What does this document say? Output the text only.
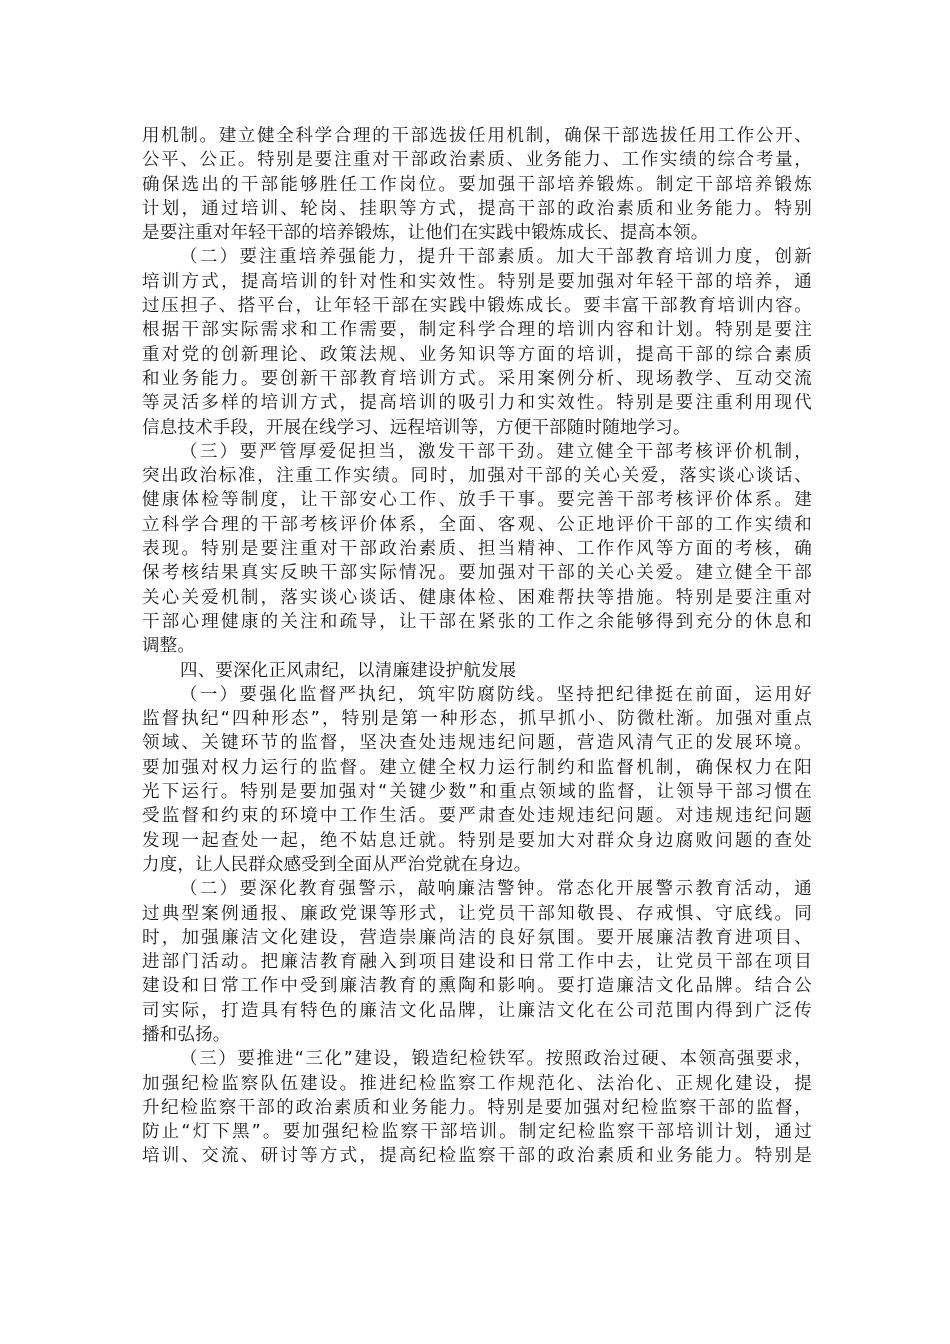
用机制。建立健全科学合理的干部选拔任用机制，确保干部选拔任用工作公开、
公平、公正。特别是要注重对干部政治素质、业务能力、工作实绩的综合考量，
确保选出的干部能够胜任工作岗位。要加强干部培养锻炼。制定干部培养锻炼
计划，通过培训、轮岗、挂职等方式，提高干部的政治素质和业务能力。特别
是要注重对年轻干部的培养锻炼，让他们在实践中锻炼成长、提高本领。
（二）要注重培养强能力，提升干部素质。加大干部教育培训力度，创新
培训方式，提高培训的针对性和实效性。特别是要加强对年轻干部的培养，通
过压担子、搭平台，让年轻干部在实践中锻炼成长。要丰富干部教育培训内容。
根据干部实际需求和工作需要，制定科学合理的培训内容和计划。特别是要注
重对党的创新理论、政策法规、业务知识等方面的培训，提高干部的综合素质
和业务能力。要创新干部教育培训方式。采用案例分析、现场教学、互动交流
等灵活多样的培训方式，提高培训的吸引力和实效性。特别是要注重利用现代
信息技术手段，开展在线学习、远程培训等，方便干部随时随地学习。
（三）要严管厚爱促担当，激发干部干劲。建立健全干部考核评价机制，
突出政治标准，注重工作实绩。同时，加强对干部的关心关爱，落实谈心谈话、
健康体检等制度，让干部安心工作、放手干事。要完善干部考核评价体系。建
立科学合理的干部考核评价体系，全面、客观、公正地评价干部的工作实绩和
表现。特别是要注重对干部政治素质、担当精神、工作作风等方面的考核，确
保考核结果真实反映干部实际情况。要加强对干部的关心关爱。建立健全干部
关心关爱机制，落实谈心谈话、健康体检、困难帮扶等措施。特别是要注重对
干部心理健康的关注和疏导，让干部在紧张的工作之余能够得到充分的休息和
调整。
四、要深化正风肃纪，以清廉建设护航发展
（一）要强化监督严执纪，筑牢防腐防线。坚持把纪律挺在前面，运用好
监督执纪“四种形态”，特别是第一种形态，抓早抓小、防微杜渐。加强对重点
领域、关键环节的监督，坚决查处违规违纪问题，营造风清气正的发展环境。
要加强对权力运行的监督。建立健全权力运行制约和监督机制，确保权力在阳
光下运行。特别是要加强对“关键少数”和重点领域的监督，让领导干部习惯在
受监督和约束的环境中工作生活。要严肃查处违规违纪问题。对违规违纪问题
发现一起查处一起，绝不姑息迁就。特别是要加大对群众身边腐败问题的查处
力度，让人民群众感受到全面从严治党就在身边。
（二）要深化教育强警示，敲响廉洁警钟。常态化开展警示教育活动，通
过典型案例通报、廉政党课等形式，让党员干部知敬畏、存戒惧、守底线。同
时，加强廉洁文化建设，营造崇廉尚洁的良好氛围。要开展廉洁教育进项目、
进部门活动。把廉洁教育融入到项目建设和日常工作中去，让党员干部在项目
建设和日常工作中受到廉洁教育的熏陶和影响。要打造廉洁文化品牌。结合公
司实际，打造具有特色的廉洁文化品牌，让廉洁文化在公司范围内得到广泛传
播和弘扬。
（三）要推进“三化”建设，锻造纪检铁军。按照政治过硬、本领高强要求，
加强纪检监察队伍建设。推进纪检监察工作规范化、法治化、正规化建设，提
升纪检监察干部的政治素质和业务能力。特别是要加强对纪检监察干部的监督，
防止“灯下黑”。要加强纪检监察干部培训。制定纪检监察干部培训计划，通过
培训、交流、研讨等方式，提高纪检监察干部的政治素质和业务能力。特别是
